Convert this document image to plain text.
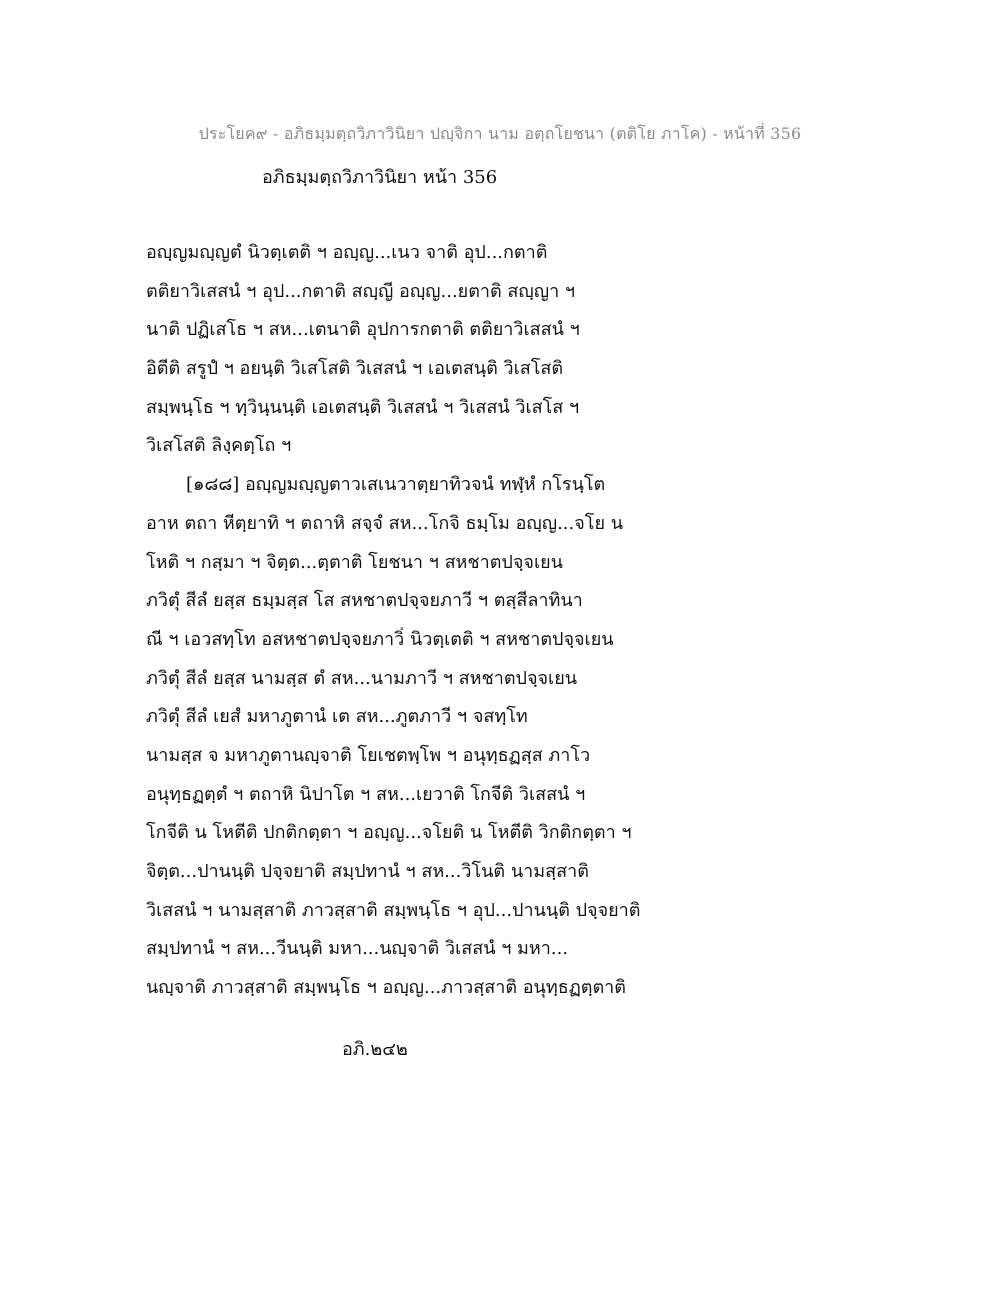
ประโยค๙ - อภิธมฺมตฺถวิภาวินิยา ปญฺจิกา นาม อตฺถโยชนา (ตติโย ภาโค) - หน้าที่ 356
อภิธมฺมตฺถวิภาวินิยา หน้า 356
อญฺญมญฺญตํ นิวตฺเตติ ฯ อญฺญ...เนว จาติ อุป...กตาติ
ตติยาวิเสสนํ ฯ อุป...กตาติ สญฺญี อญฺญ...ยตาติ สญฺญา ฯ
นาติ ปฏิเสโธ ฯ สห...เตนาติ อุปการกตาติ ตติยาวิเสสนํ ฯ
อิตีติ สรูปํ ฯ อยนฺติ วิเสโสติ วิเสสนํ ฯ เอเตสนฺติ วิเสโสติ
สมฺพนฺโธ ฯ ทฺวินฺนนฺติ เอเตสนฺติ วิเสสนํ ฯ วิเสสนํ วิเสโส ฯ
วิเสโสติ ลิงฺคตฺโถ ฯ
[๑๘๘] อญฺญมญฺญตาวเสเนวาตฺยาทิวจนํ ทฬฺหํ กโรนฺโต
อาห ตถา หีตฺยาทิ ฯ ตถาหิ สจฺจํ สห...โกจิ ธมฺโม อญฺญ...จโย น
โหติ ฯ กสฺมา ฯ จิตฺต...ตฺตาติ โยชนา ฯ สหชาตปจฺจเยน
ภวิตุํ สีลํ ยสฺส ธมฺมสฺส โส สหชาตปจฺจยภาวี ฯ ตสฺสีลาทินา
ณี ฯ เอวสทฺโท อสหชาตปจฺจยภาวิํ นิวตฺเตติ ฯ สหชาตปจฺจเยน
ภวิตุํ สีลํ ยสฺส นามสฺส ตํ สห...นามภาวี ฯ สหชาตปจฺจเยน
ภวิตุํ สีลํ เยสํ มหาภูตานํ เต สห...ภูตภาวี ฯ จสทฺโท
นามสฺส จ มหาภูตานญฺจาติ โยเชตพฺโพ ฯ อนุทฺธฏสฺส ภาโว
อนุทฺธฏตฺตํ ฯ ตถาหิ นิปาโต ฯ สห...เยวาติ โกจีติ วิเสสนํ ฯ
โกจีติ น โหตีติ ปกติกตฺตา ฯ อญฺญ...จโยติ น โหตีติ วิกติกตฺตา ฯ
จิตฺต...ปานนฺติ ปจฺจยาติ สมฺปทานํ ฯ สห...วิโนติ นามสฺสาติ
วิเสสนํ ฯ นามสฺสาติ ภาวสฺสาติ สมฺพนฺโธ ฯ อุป...ปานนฺติ ปจฺจยาติ
สมฺปทานํ ฯ สห...วีนนฺติ มหา...นญฺจาติ วิเสสนํ ฯ มหา...
นญฺจาติ ภาวสฺสาติ สมฺพนฺโธ ฯ อญฺญ...ภาวสฺสาติ อนุทฺธฏตฺตาติ
อภิ.๒๔๒
